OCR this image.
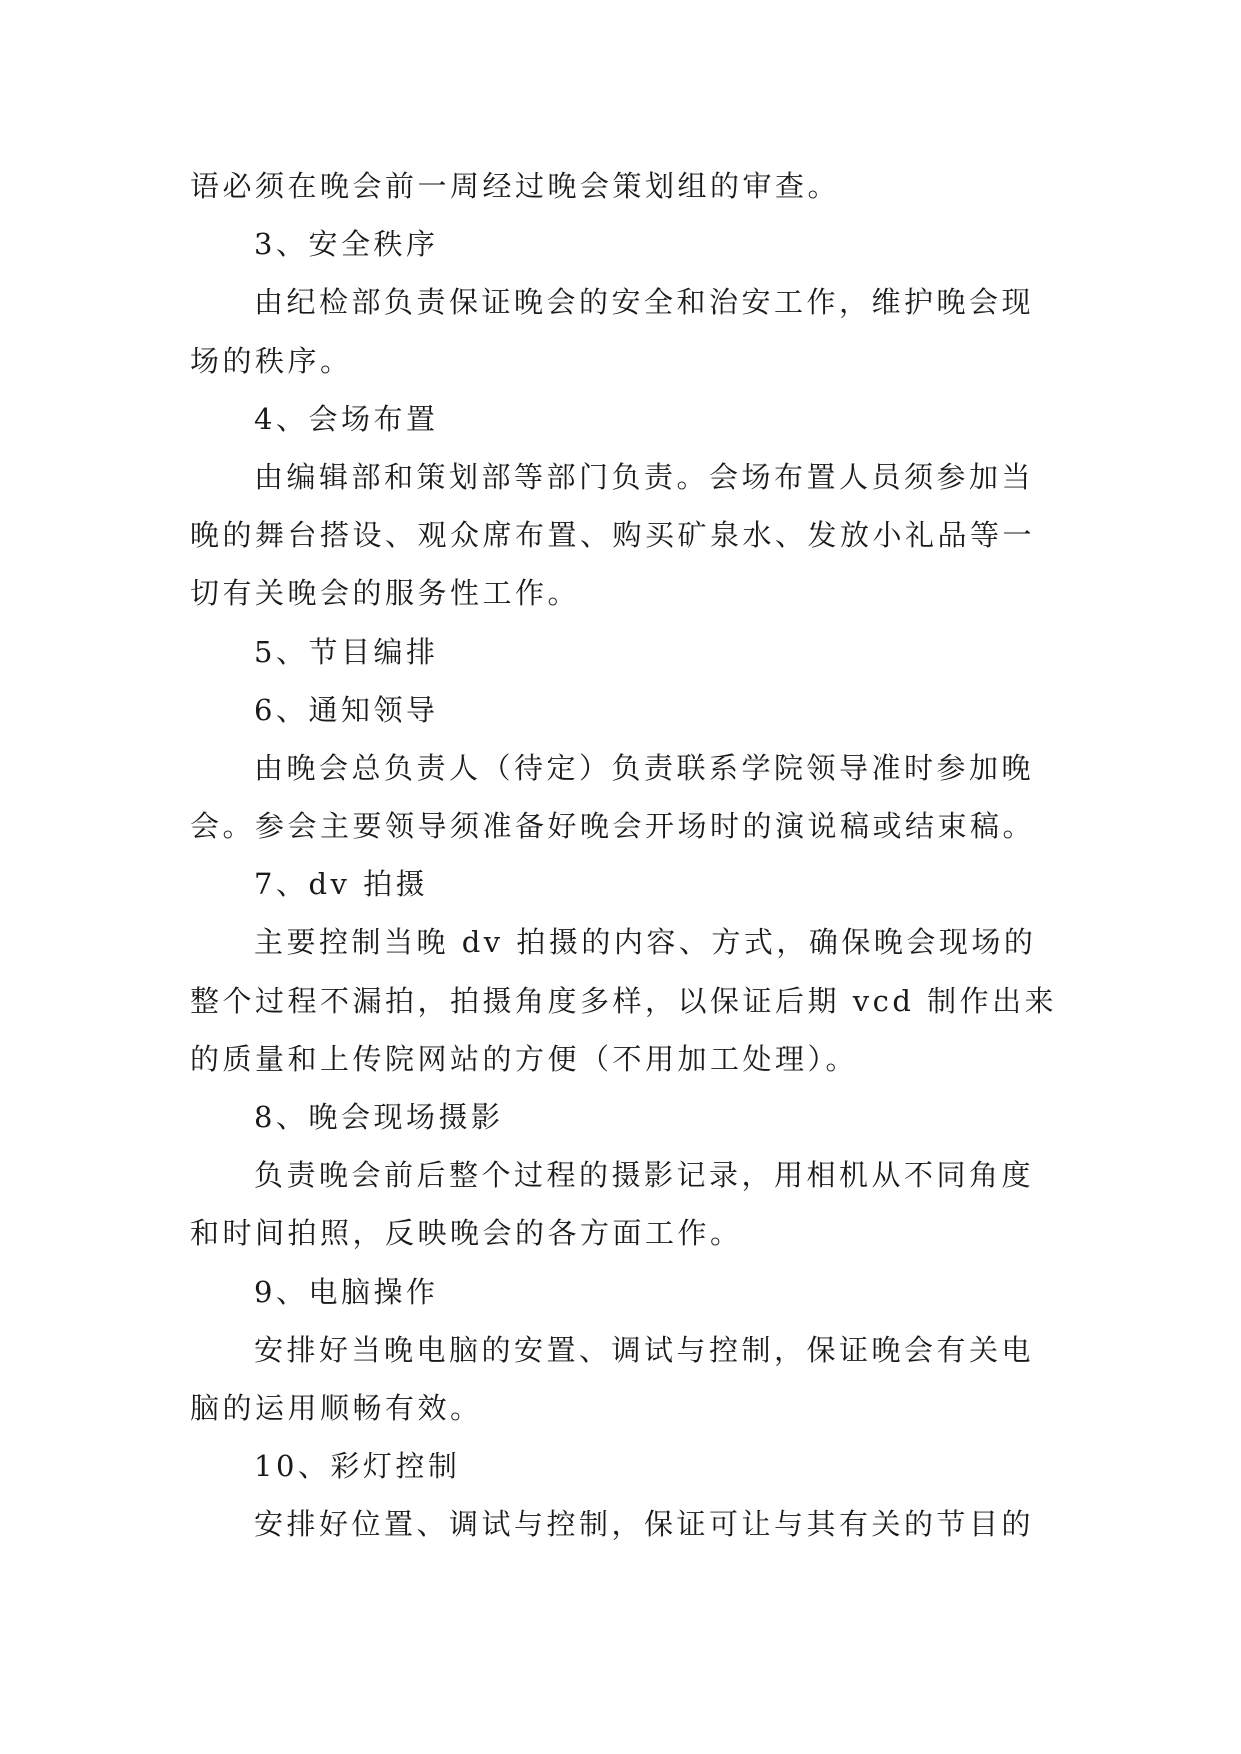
语必须在晚会前一周经过晚会策划组的审查。
3、安全秩序
由纪检部负责保证晚会的安全和治安工作，维护晚会现
场的秩序。
4、会场布置
由编辑部和策划部等部门负责。会场布置人员须参加当
晚的舞台搭设、观众席布置、购买矿泉水、发放小礼品等一
切有关晚会的服务性工作。
5、节目编排
6、通知领导
由晚会总负责人（待定）负责联系学院领导准时参加晚
会。参会主要领导须准备好晚会开场时的演说稿或结束稿。
7、dv 拍摄
主要控制当晚 dv 拍摄的内容、方式，确保晚会现场的
整个过程不漏拍，拍摄角度多样，以保证后期 vcd 制作出来
的质量和上传院网站的方便（不用加工处理）。
8、晚会现场摄影
负责晚会前后整个过程的摄影记录，用相机从不同角度
和时间拍照，反映晚会的各方面工作。
9、电脑操作
安排好当晚电脑的安置、调试与控制，保证晚会有关电
脑的运用顺畅有效。
10、彩灯控制
安排好位置、调试与控制，保证可让与其有关的节目的
